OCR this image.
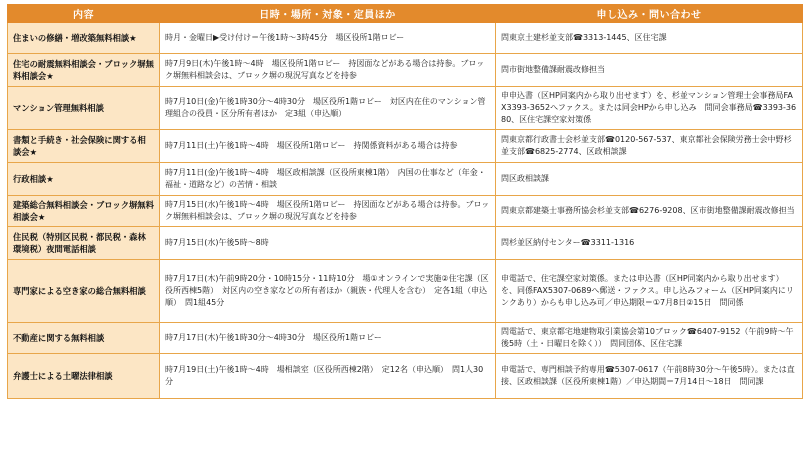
内容	日時・場所・対象・定員ほか	申し込み・問い合わせ

住まいの修繕・増改築無料相談★	時月・金曜日▶受け付け＝午後1時〜3時45分　場区役所1階ロビー	問東京土建杉並支部☎3313-1445、区住宅課

住宅の耐震無料相談会・ブロック塀無料相談会★	時7月9日(木)午後1時〜4時　場区役所1階ロビー　持図面などがある場合は持参。ブロック塀無料相談会は、ブロック塀の現況写真などを持参	問市街地整備課耐震改修担当

マンション管理無料相談	時7月10日(金)午後1時30分〜4時30分　場区役所1階ロビー　対区内在住のマンション管理組合の役員・区分所有者ほか　定3組（申込順）	申申込書（区HP同案内から取り出せます）を、杉並マンション管理士会事務局FAX3393-3652へファクス。または同会HPから申し込み　問同会事務局☎3393-3680、区住宅課空家対策係

書類と手続き・社会保険に関する相談会★	時7月11日(土)午後1時〜4時　場区役所1階ロビー　持関係資料がある場合は持参	問東京都行政書士会杉並支部☎0120-567-537、東京都社会保険労務士会中野杉並支部☎6825-2774、区政相談課

行政相談★	時7月11日(金)午後1時〜4時　場区政相談課（区役所東棟1階）　内国の仕事など（年金・福祉・道路など）の苦情・相談	問区政相談課

建築総合無料相談会・ブロック塀無料相談会★	時7月15日(水)午後1時〜4時　場区役所1階ロビー　持図面などがある場合は持参。ブロック塀無料相談会は、ブロック塀の現況写真などを持参	問東京都建築士事務所協会杉並支部☎6276-9208、区市街地整備課耐震改修担当

住民税（特別区民税・都民税・森林環境税）夜間電話相談	時7月15日(水)午後5時〜8時	問杉並区納付センター☎3311-1316

専門家による空き家の総合無料相談	時7月17日(木)午前9時20分・10時15分・11時10分　場①オンラインで実施②住宅課（区役所西棟5階）　対区内の空き家などの所有者ほか（親族・代理人を含む）　定各1組（申込順）　問1組45分	申電話で、住宅課空家対策係。または申込書（区HP同案内から取り出せます）を、同係FAX5307-0689へ郵送・ファクス。申し込みフォーム（区HP同案内にリンクあり）からも申し込み可／申込期限＝①7月8日②15日　問同係

不動産に関する無料相談	時7月17日(木)午後1時30分〜4時30分　場区役所1階ロビー	問電話で、東京都宅地建物取引業協会第10ブロック☎6407-9152（午前9時〜午後5時（土・日曜日を除く））　問同団体、区住宅課

弁護士による土曜法律相談	時7月19日(土)午後1時〜4時　場相談室（区役所西棟2階）　定12名（申込順）　問1人30分	申電話で、専門相談予約専用☎5307-0617（午前8時30分〜午後5時）。または直接、区政相談課（区役所東棟1階）／申込期間＝7月14日〜18日　問同課
